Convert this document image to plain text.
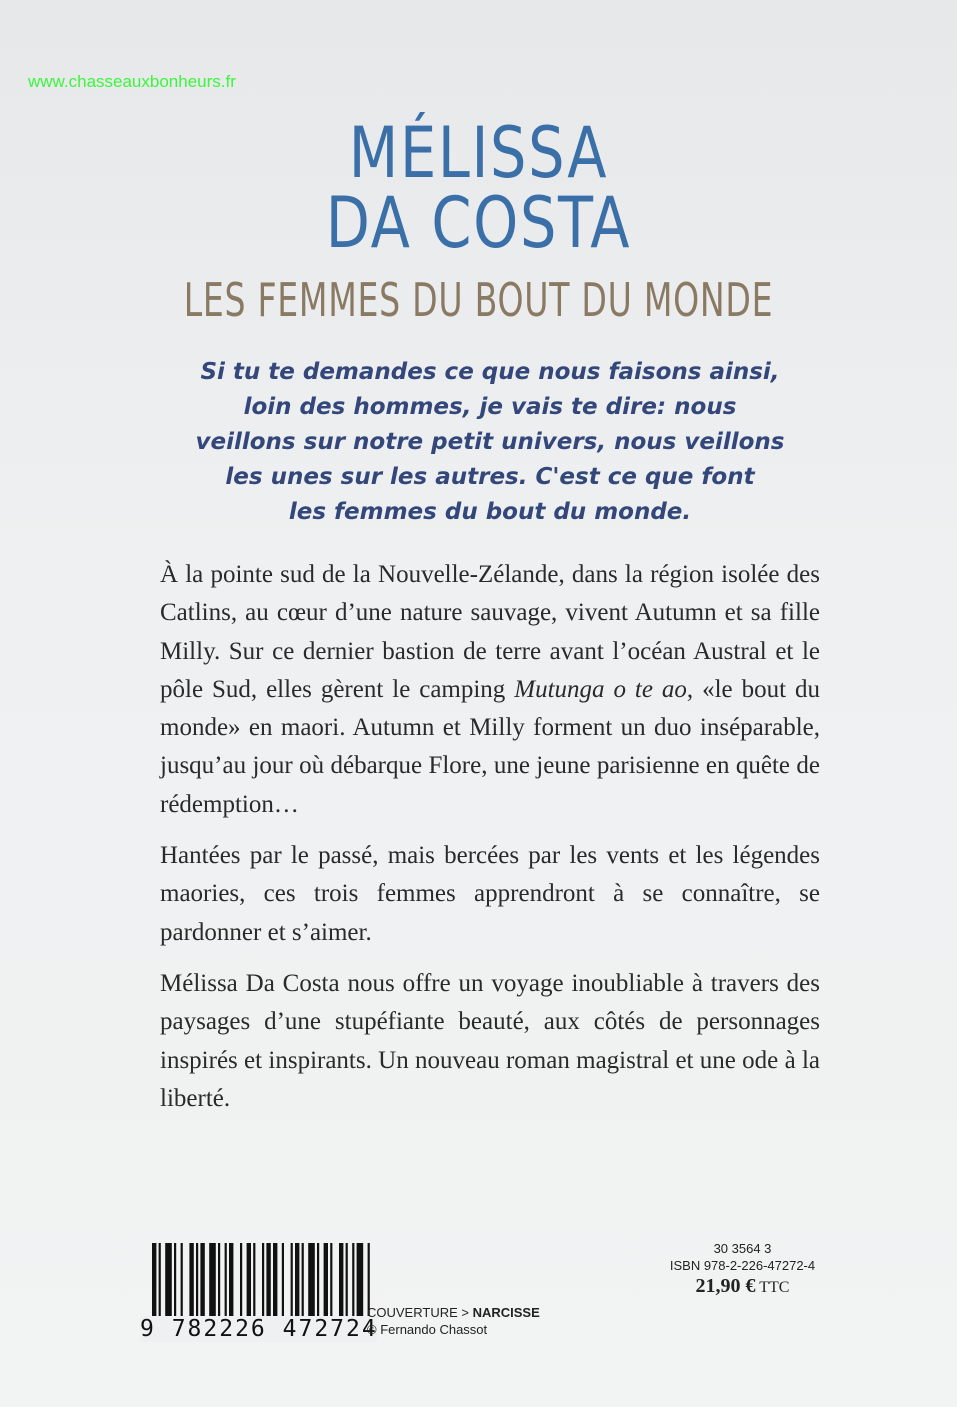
www.chasseauxbonheurs.fr
MÉLISSA
DA COSTA
LES FEMMES DU BOUT DU MONDE
Si tu te demandes ce que nous faisons ainsi,
loin des hommes, je vais te dire: nous
veillons sur notre petit univers, nous veillons
les unes sur les autres. C'est ce que font
les femmes du bout du monde.

À la pointe sud de la Nouvelle-Zélande, dans la région isolée des Catlins, au cœur d’une nature sauvage, vivent Autumn et sa fille Milly. Sur ce dernier bastion de terre avant l’océan Austral et le pôle Sud, elles gèrent le camping Mutunga o te ao, «le bout du monde» en maori. Autumn et Milly forment un duo inséparable, jusqu’au jour où débarque Flore, une jeune parisienne en quête de rédemption…

Hantées par le passé, mais bercées par les vents et les légendes maories, ces trois femmes apprendront à se connaître, se pardonner et s’aimer.

Mélissa Da Costa nous offre un voyage inoubliable à travers des paysages d’une stupéfiante beauté, aux côtés de personnages inspirés et inspirants. Un nouveau roman magistral et une ode à la liberté.

9 782226 472724
COUVERTURE > NARCISSE
© Fernando Chassot
30 3564 3
ISBN 978-2-226-47272-4
21,90 € TTC
